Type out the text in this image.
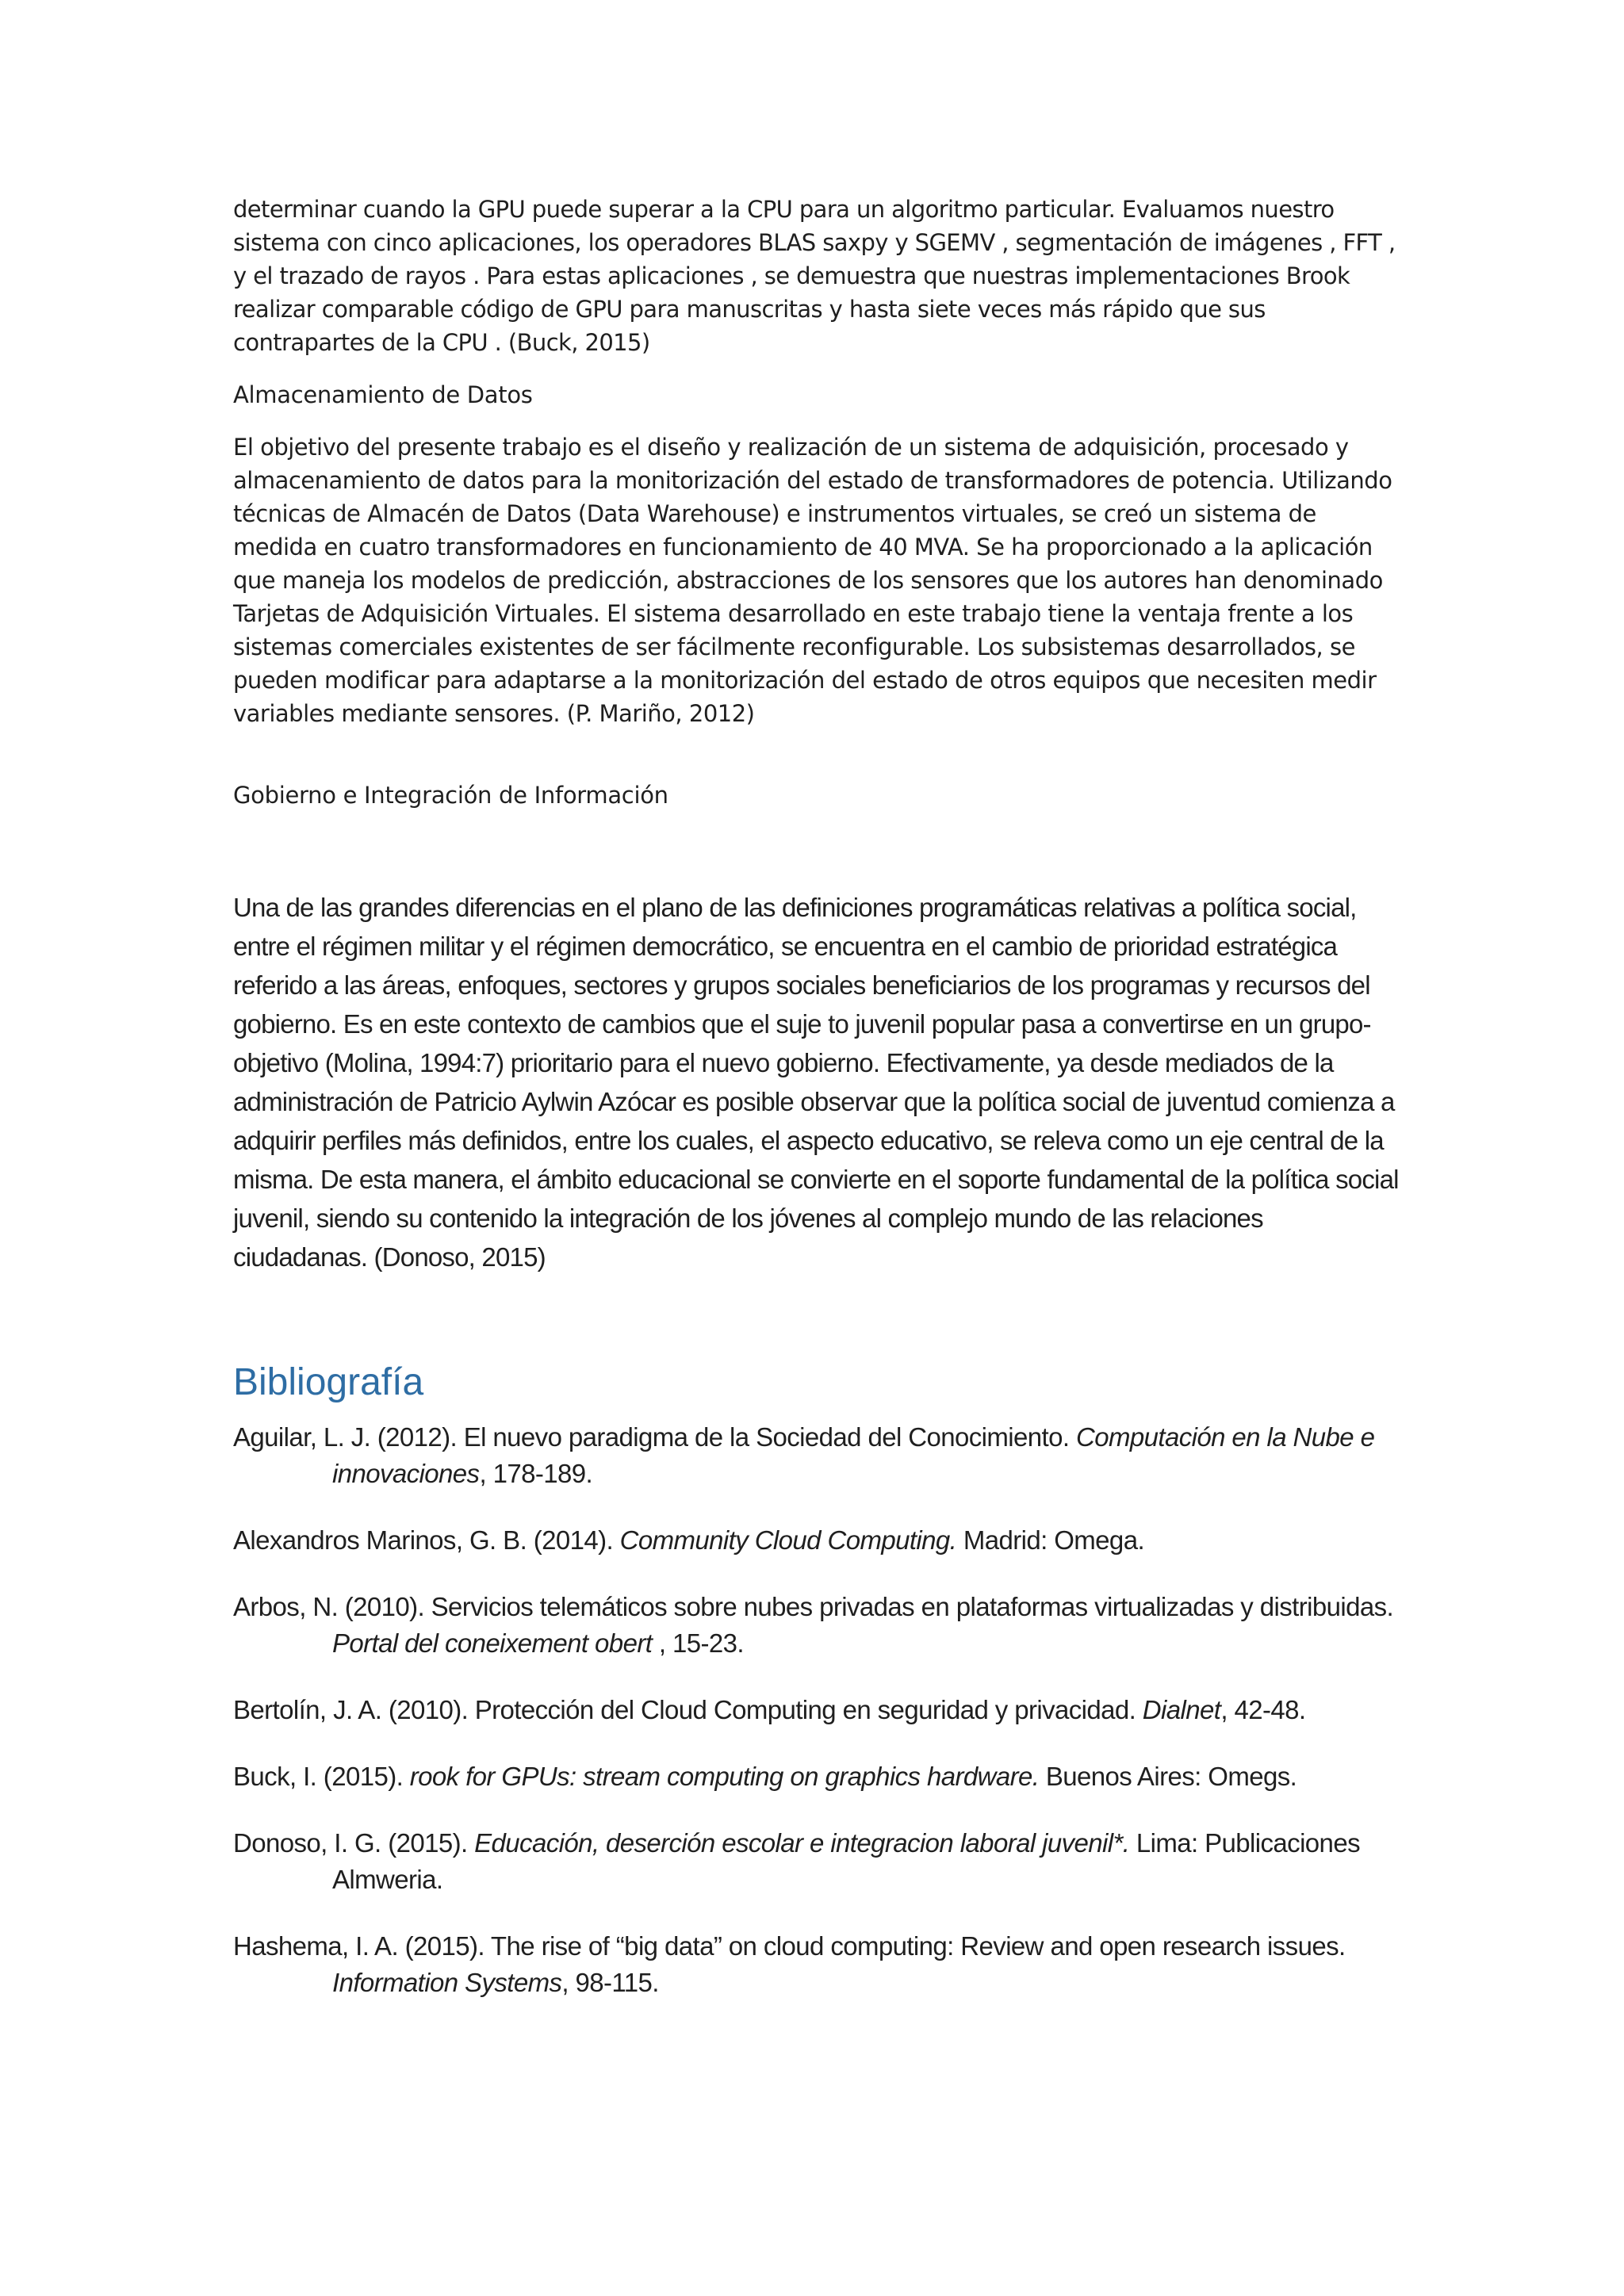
determinar cuando la GPU puede superar a la CPU para un algoritmo particular. Evaluamos nuestro sistema con cinco aplicaciones, los operadores BLAS saxpy y SGEMV , segmentación de imágenes , FFT , y el trazado de rayos . Para estas aplicaciones , se demuestra que nuestras implementaciones Brook realizar comparable código de GPU para manuscritas y hasta siete veces más rápido que sus contrapartes de la CPU . (Buck, 2015)

Almacenamiento de Datos

El objetivo del presente trabajo es el diseño y realización de un sistema de adquisición, procesado y almacenamiento de datos para la monitorización del estado de transformadores de potencia. Utilizando técnicas de Almacén de Datos (Data Warehouse) e instrumentos virtuales, se creó un sistema de medida en cuatro transformadores en funcionamiento de 40 MVA. Se ha proporcionado a la aplicación que maneja los modelos de predicción, abstracciones de los sensores que los autores han denominado Tarjetas de Adquisición Virtuales. El sistema desarrollado en este trabajo tiene la ventaja frente a los sistemas comerciales existentes de ser fácilmente reconfigurable. Los subsistemas desarrollados, se pueden modificar para adaptarse a la monitorización del estado de otros equipos que necesiten medir variables mediante sensores. (P. Mariño, 2012)

Gobierno e Integración de Información

Una de las grandes diferencias en el plano de las definiciones programáticas relativas a política social, entre el régimen militar y el régimen democrático, se encuentra en el cambio de prioridad estratégica referido a las áreas, enfoques, sectores y grupos sociales beneficiarios de los programas y recursos del gobierno. Es en este contexto de cambios que el suje to juvenil popular pasa a convertirse en un grupo-objetivo (Molina, 1994:7) prioritario para el nuevo gobierno. Efectivamente, ya desde mediados de la administración de Patricio Aylwin Azócar es posible observar que la política social de juventud comienza a adquirir perfiles más definidos, entre los cuales, el aspecto educativo, se releva como un eje central de la misma. De esta manera, el ámbito educacional se convierte en el soporte fundamental de la política social juvenil, siendo su contenido la integración de los jóvenes al complejo mundo de las relaciones ciudadanas. (Donoso, 2015)

Bibliografía
Aguilar, L. J. (2012). El nuevo paradigma de la Sociedad del Conocimiento. Computación en la Nube e innovaciones, 178-189.
Alexandros Marinos, G. B. (2014). Community Cloud Computing. Madrid: Omega.
Arbos, N. (2010). Servicios telemáticos sobre nubes privadas en plataformas virtualizadas y distribuidas. Portal del coneixement obert , 15-23.
Bertolín, J. A. (2010). Protección del Cloud Computing en seguridad y privacidad. Dialnet, 42-48.
Buck, I. (2015). rook for GPUs: stream computing on graphics hardware. Buenos Aires: Omegs.
Donoso, I. G. (2015). Educación, deserción escolar e integracion laboral juvenil*. Lima: Publicaciones Almweria.
Hashema, I. A. (2015). The rise of “big data” on cloud computing: Review and open research issues. Information Systems, 98-115.
